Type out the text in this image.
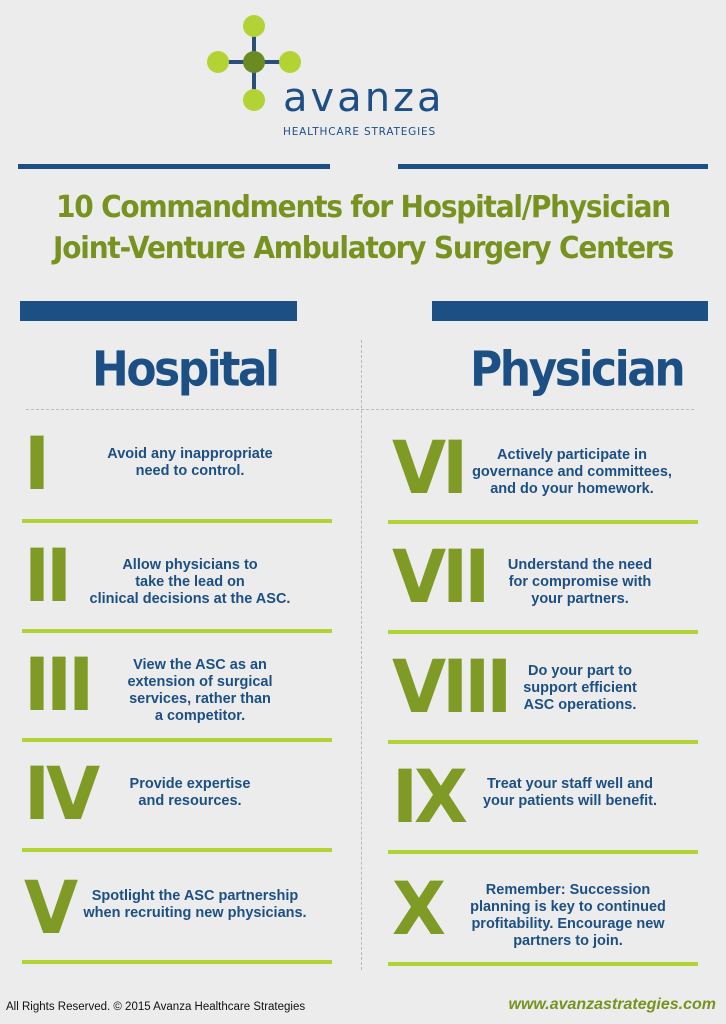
avanza
HEALTHCARE STRATEGIES
10 Commandments for Hospital/Physician
Joint-Venture Ambulatory Surgery Centers
Hospital	Physician
I	Avoid any inappropriate
need to control.
II	Allow physicians to
take the lead on
clinical decisions at the ASC.
III	View the ASC as an
extension of surgical
services, rather than
a competitor.
IV	Provide expertise
and resources.
V	Spotlight the ASC partnership
when recruiting new physicians.
VI	Actively participate in
governance and committees,
and do your homework.
VII	Understand the need
for compromise with
your partners.
VIII	Do your part to
support efficient
ASC operations.
IX	Treat your staff well and
your patients will benefit.
X	Remember: Succession
planning is key to continued
profitability. Encourage new
partners to join.
All Rights Reserved. © 2015 Avanza Healthcare Strategies	www.avanzastrategies.com
